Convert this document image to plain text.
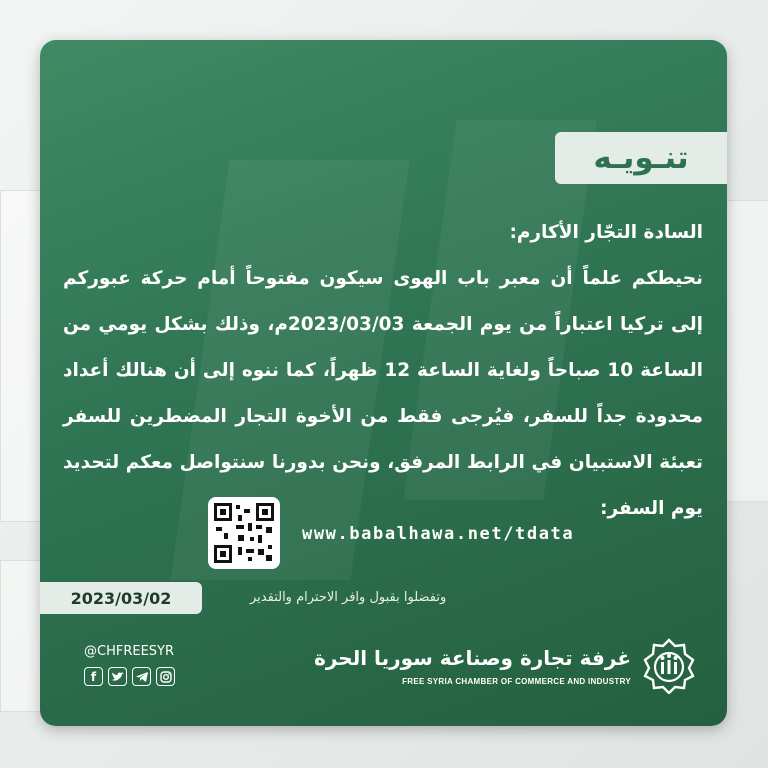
تنـويـه

السادة التجّار الأكارم:

نحيطكم علماً أن معبر باب الهوى سيكون مفتوحاً أمام حركة عبوركم إلى تركيا اعتباراً من يوم الجمعة 2023/03/03م، وذلك بشكل يومي من الساعة 10 صباحاً ولغاية الساعة 12 ظهراً، كما ننوه إلى أن هنالك أعداد محدودة جداً للسفر، فيُرجى فقط من الأخوة التجار المضطرين للسفر تعبئة الاستبيان في الرابط المرفق، ونحن بدورنا سنتواصل معكم لتحديد يوم السفر:

www.babalhawa.net/tdata
2023/03/02	وتفضلوا بقبول وافر الاحترام والتقدير
@CHFREESYR
f
غرفة تجارة وصناعة سوريا الحرة
FREE SYRIA CHAMBER OF COMMERCE AND INDUSTRY
